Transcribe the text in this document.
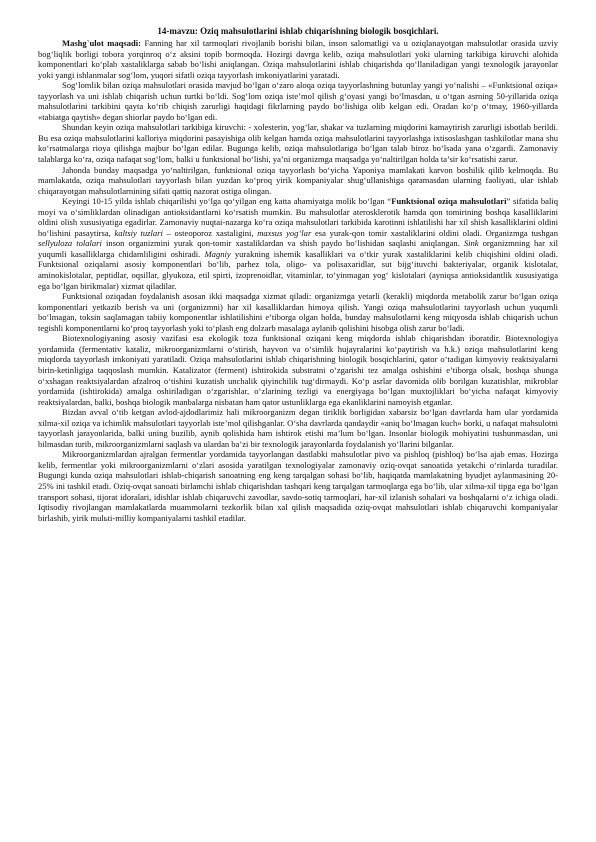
14-mavzu: Oziq mahsulotlarini ishlab chiqarishning biologik bosqichlari.

Mashg`ulot maqsadi: Fanning har xil tarmoqlari rivojlanib borishi bilan, inson salomatligi va u oziqlanayotgan mahsulotlar orasida uzviy bog‘liqlik borligi tobora yorqinroq o‘z aksini topib bormoqda. Hozirgi davrga kelib, oziqa mahsulotlari yoki ularning tarkibiga kiruvchi alohida komponentlari ko‘plab xastaliklarga sabab bo‘lishi aniqlangan. Oziqa mahsulotlarini ishlab chiqarishda qo‘llaniladigan yangi texnologik jarayonlar yoki yangi ishlanmalar sog‘lom, yuqori sifatli oziqa tayyorlash imkoniyatlarini yaratadi.

Sog‘lomlik bilan oziqa mahsulotlari orasida mavjud bo‘lgan o‘zaro aloqa oziqa tayyorlashning butunlay yangi yo‘nalishi – «Funktsional oziqa» tayyorlash va uni ishlab chiqarish uchun turtki bo‘ldi. Sog‘lom oziqa iste’mol qilish g‘oyasi yangi bo‘lmasdan, u o‘tgan asrning 50-yillarida oziqa mahsulotlarini tarkibini qayta ko‘rib chiqish zarurligi haqidagi fikrlarning paydo bo‘lishiga olib kelgan edi. Oradan ko‘p o‘tmay, 1960-yillarda «tabiatga qaytish» degan shiorlar paydo bo‘lgan edi.

Shundan keyin oziqa mahsulotlari tarkibiga kiruvchi: - xolesterin, yog‘lar, shakar va tuzlarning miqdorini kamaytirish zarurligi isbotlab berildi. Bu esa oziqa mahsulotlarini kalloriya miqdorini pasayishiga olib kelgan hamda oziqa mahsulotlarini tayyorlashga ixtisoslashgan tashkilotlar mana shu ko‘rsatmalarga rioya qilishga majbur bo‘lgan edilar. Bugunga kelib, oziqa mahsulotlariga bo‘lgan talab biroz bo‘lsada yana o‘zgardi. Zamonaviy talablarga ko‘ra, oziqa nafaqat sog‘lom, balki u funktsional bo‘lishi, ya’ni organizmga maqsadga yo‘naltirilgan holda ta’sir ko‘rsatishi zarur.

Jahonda bunday maqsadga yo‘naltirilgan, funktsional oziqa tayyorlash bo‘yicha Yaponiya mamlakati karvon boshilik qilib kelmoqda. Bu mamlakatda, oziqa mahsulotlari tayyorlash bilan yuzdan ko‘proq yirik kompaniyalar shug‘ullanishiga qaramasdan ularning faoliyati, ular ishlab chiqarayotgan mahsulotlarnining sifati qattiq nazorat ostiga olingan.

Keyingi 10-15 yilda ishlab chiqarilishi yo‘lga qo‘yilgan eng katta ahamiyatga molik bo‘lgan “Funktsional oziqa mahsulotlari” sifatida baliq moyi va o‘simliklardan olinadigan antioksidantlarni ko‘rsatish mumkin. Bu mahsulotlar aterosklerotik hamda qon tomirining boshqa kasalliklarini oldini olish xususiyatiga egadirlar. Zamonaviy nuqtai-nazarga ko‘ra oziqa mahsulotlari tarkibida karotinni ishlatilishi har xil shish kasalliklarini oldini bo‘lishini pasaytirsa, kaltsiy tuzlari – osteoporoz xastaligini, maxsus yog‘lar esa yurak-qon tomir xastaliklarini oldini oladi. Organizmga tushgan sellyuloza tolalari inson organizmini yurak qon-tomir xastaliklardan va shish paydo bo‘lishidan saqlashi aniqlangan. Sink organizmning har xil yuqumli kasalliklarga chidamliligini oshiradi. Magniy yurakning ishemik kasalliklari va o‘tkir yurak xastaliklarini kelib chiqishini oldini oladi. Funktsional oziqalarni asosiy komponentlari bo‘lib, parhez tola, oligo- va polisaxaridlar, sut bijg‘ituvchi bakteriyalar, organik kislotalar, aminokislotalar, peptidlar, oqsillar, glyukoza, etil spirti, izoprenoidlar, vitaminlar, to‘yinmagan yog‘ kislotalari (ayniqsa antioksidantlik xususiyatiga ega bo‘lgan birikmalar) xizmat qiladilar.

Funktsional oziqadan foydalanish asosan ikki maqsadga xizmat qiladi: organizmga yetarli (kerakli) miqdorda metabolik zarur bo‘lgan oziqa komponentlari yetkazib berish va uni (organizmni) har xil kasalliklardan himoya qilish. Yangi oziqa mahsulotlarini tayyorlash uchun yuqumli bo‘lmagan, toksin saqlamagan tabiiy komponentlar ishlatilishini e’tiborga olgan holda, bunday mahsulotlarni keng miqyosda ishlab chiqarish uchun tegishli komponentlarni ko‘proq tayyorlash yoki to‘plash eng dolzarb masalaga aylanib qolishini hisobga olish zarur bo‘ladi.

Biotexnologiyaning asosiy vazifasi esa ekologik toza funktsional oziqani keng miqdorda ishlab chiqarishdan iboratdir. Biotexnologiya yordamida (fermentativ kataliz, mikroorganizmlarni o‘stirish, hayvon va o‘simlik hujayralarini ko‘paytirish va h.k.) oziqa mahsulotlarini keng miqdorda tayyorlash imkoniyati yaratiladi. Oziqa mahsulotlarini ishlab chiqarishning biologik bosqichlarini, qator o‘tadigan kimyoviy reaktsiyalarni birin-ketinligiga taqqoslash mumkin. Katalizator (ferment) ishtirokida substratni o‘zgarishi tez amalga oshishini e’tiborga olsak, boshqa shunga o‘xshagan reaktsiyalardan afzalroq o‘tishini kuzatish unchalik qiyinchilik tug‘dirmaydi. Ko‘p asrlar davomida olib borilgan kuzatishlar, mikroblar yordamida (ishtirokida) amalga oshiriladigan o‘zgarishlar, o‘zlarining tezligi va energiyaga bo‘lgan muxtojliklari bo‘yicha nafaqat kimyoviy reaktsiyalardan, balki, boshqa biologik manbalarga nisbatan ham qator ustunliklarga ega ekanliklarini namoyish etganlar.

Bizdan avval o‘tib ketgan avlod-ajdodlarimiz hali mikroorganizm degan tiriklik borligidan xabarsiz bo‘lgan davrlarda ham ular yordamida xilma-xil oziqa va ichimlik mahsulotlari tayyorlab iste’mol qilishganlar. O‘sha davrlarda qandaydir «aniq bo‘lmagan kuch» borki, u nafaqat mahsulotni tayyorlash jarayonlarida, balki uning buzilib, aynib qolishida ham ishtirok etishi ma’lum bo‘lgan. Insonlar biologik mohiyatini tushunmasdan, uni bilmasdan turib, mikroorganizmlarni saqlash va ulardan ba’zi bir texnologik jarayonlarda foydalanish yo‘llarini bilganlar.

Mikroorganizmlardan ajralgan fermentlar yordamida tayyorlangan dastlabki mahsulotlar pivo va pishloq (pishloq) bo‘lsa ajab emas. Hozirga kelib, fermentlar yoki mikroorganizmlarni o‘zlari asosida yaratilgan texnologiyalar zamonaviy oziq-ovqat sanoatida yetakchi o‘rinlarda turadilar. Bugungi kunda oziqa mahsulotlari ishlab-chiqarish sanoatning eng keng tarqalgan sohasi bo‘lib, haqiqatda mamlakatning byudjet aylanmasining 20-25% ini tashkil etadi. Oziq-ovqat sanoati birlamchi ishlab chiqarishdan tashqari keng tarqalgan tarmoqlarga ega bo‘lib, ular xilma-xil tipga ega bo‘lgan transport sohasi, tijorat idoralari, idishlar ishlab chiqaruvchi zavodlar, savdo-sotiq tarmoqlari, har-xil izlanish sohalari va boshqalarni o‘z ichiga oladi. Iqtisodiy rivojlangan mamlakatlarda muammolarni tezkorlik bilan xal qilish maqsadida oziq-ovqat mahsulotlari ishlab chiqaruvchi kompaniyalar birlashib, yirik mulьti-milliy kompaniyalarni tashkil etadilar.
